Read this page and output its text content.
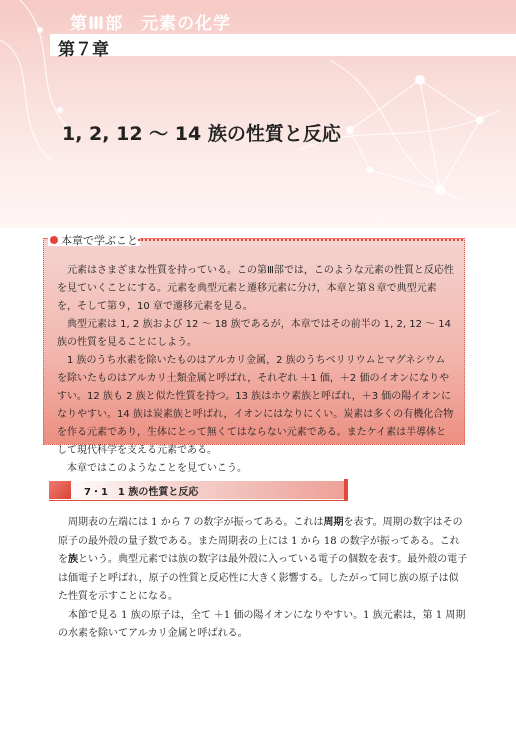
第Ⅲ部　元素の化学
第７章
1, 2, 12 〜 14 族の性質と反応
本章で学ぶこと

元素はさまざまな性質を持っている。この第Ⅲ部では，このような元素の性質と反応性を見ていくことにする。元素を典型元素と遷移元素に分け，本章と第８章で典型元素を，そして第９，10 章で遷移元素を見る。

典型元素は 1, 2 族および 12 〜 18 族であるが，本章ではその前半の 1, 2, 12 〜 14 族の性質を見ることにしよう。

1 族のうち水素を除いたものはアルカリ金属，2 族のうちベリリウムとマグネシウムを除いたものはアルカリ土類金属と呼ばれ，それぞれ ＋1 価，＋2 価のイオンになりやすい。12 族も 2 族と似た性質を持つ。13 族はホウ素族と呼ばれ，＋3 価の陽イオンになりやすい。14 族は炭素族と呼ばれ，イオンにはなりにくい。炭素は多くの有機化合物を作る元素であり，生体にとって無くてはならない元素である。またケイ素は半導体として現代科学を支える元素である。

本章ではこのようなことを見ていこう。

7・1　1 族の性質と反応

周期表の左端には 1 から 7 の数字が振ってある。これは周期を表す。周期の数字はその原子の最外殻の量子数である。また周期表の上には 1 から 18 の数字が振ってある。これを族という。典型元素では族の数字は最外殻に入っている電子の個数を表す。最外殻の電子は価電子と呼ばれ，原子の性質と反応性に大きく影響する。したがって同じ族の原子は似た性質を示すことになる。

本節で見る 1 族の原子は，全て ＋1 価の陽イオンになりやすい。1 族元素は，第 1 周期の水素を除いてアルカリ金属と呼ばれる。
